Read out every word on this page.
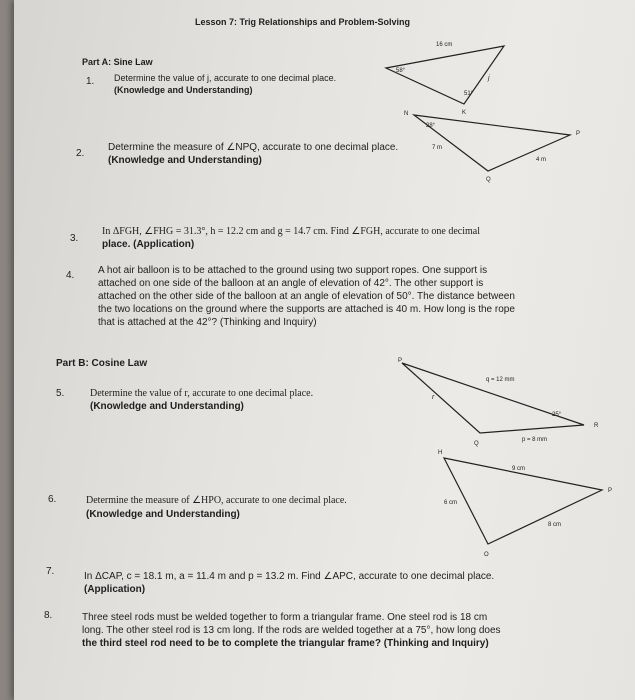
Lesson 7: Trig Relationships and Problem-Solving
Part A: Sine Law
1. Determine the value of j, accurate to one decimal place.
(Knowledge and Understanding)
2.
Determine the measure of ∠NPQ, accurate to one decimal place.
(Knowledge and Understanding)
3.
In ΔFGH, ∠FHG = 31.3°, h = 12.2 cm and g = 14.7 cm. Find ∠FGH, accurate to one decimal
place. (Application)
4. A hot air balloon is to be attached to the ground using two support ropes. One support is
attached on one side of the balloon at an angle of elevation of 42°. The other support is
attached on the other side of the balloon at an angle of elevation of 50°. The distance between
the two locations on the ground where the supports are attached is 40 m. How long is the rope
that is attached at the 42°? (Thinking and Inquiry)
Part B: Cosine Law
5.	Determine the value of r, accurate to one decimal place.
(Knowledge and Understanding)
6.	Determine the measure of ∠HPO, accurate to one decimal place.
(Knowledge and Understanding)
7.	In ΔCAP, c = 18.1 m, a = 11.4 m and p = 13.2 m. Find ∠APC, accurate to one decimal place.
(Application)
8.	Three steel rods must be welded together to form a triangular frame. One steel rod is 18 cm
long. The other steel rod is 13 cm long. If the rods are welded together at a 75°, how long does
the third steel rod need to be to complete the triangular frame? (Thinking and Inquiry)
16 cm
58°
51°
j
K
N
28°
7 m
4 m
P
Q
P
q = 12 mm
r
25°
R
p = 8 mm
Q
H
9 cm
6 cm
8 cm
P
O
